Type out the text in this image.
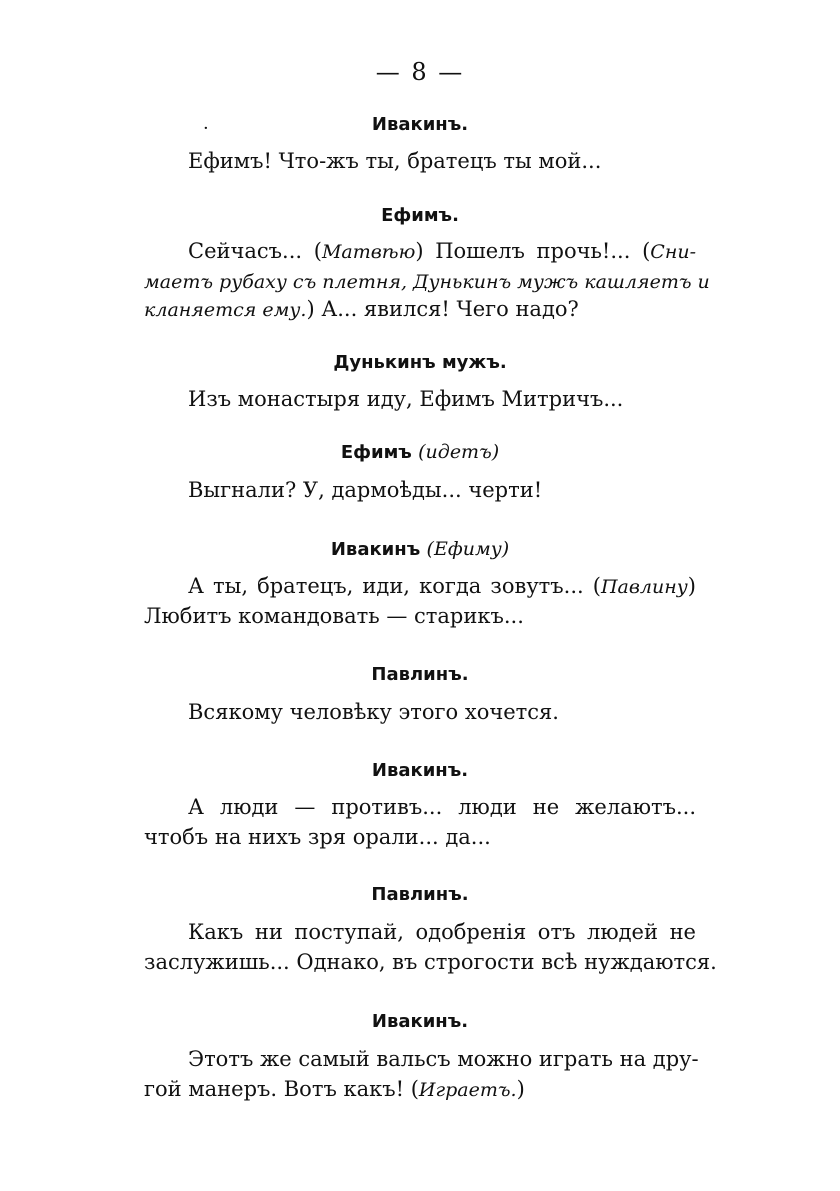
— 8 —
·	Ивакинъ.
Ефимъ! Что-жъ ты, братецъ ты мой...
Ефимъ.
Сейчасъ... (Матвѣю) Пошелъ прочь!... (Сни-
маетъ рубаху съ плетня, Дунькинъ мужъ кашляетъ и
кланяется ему.) А... явился! Чего надо?
Дунькинъ мужъ.
Изъ монастыря иду, Ефимъ Митричъ...
Ефимъ (идетъ)
Выгнали? У, дармоѣды... черти!
Ивакинъ (Ефиму)
А ты, братецъ, иди, когда зовутъ... (Павлину)
Любитъ командовать — старикъ...
Павлинъ.
Всякому человѣку этого хочется.
Ивакинъ.
А люди — противъ... люди не желаютъ...
чтобъ на нихъ зря орали... да...
Павлинъ.
Какъ ни поступай, одобренія отъ людей не
заслужишь... Однако, въ строгости всѣ нуждаются.
Ивакинъ.
Этотъ же самый вальсъ можно играть на дру-
гой манеръ. Вотъ какъ! (Играетъ.)
